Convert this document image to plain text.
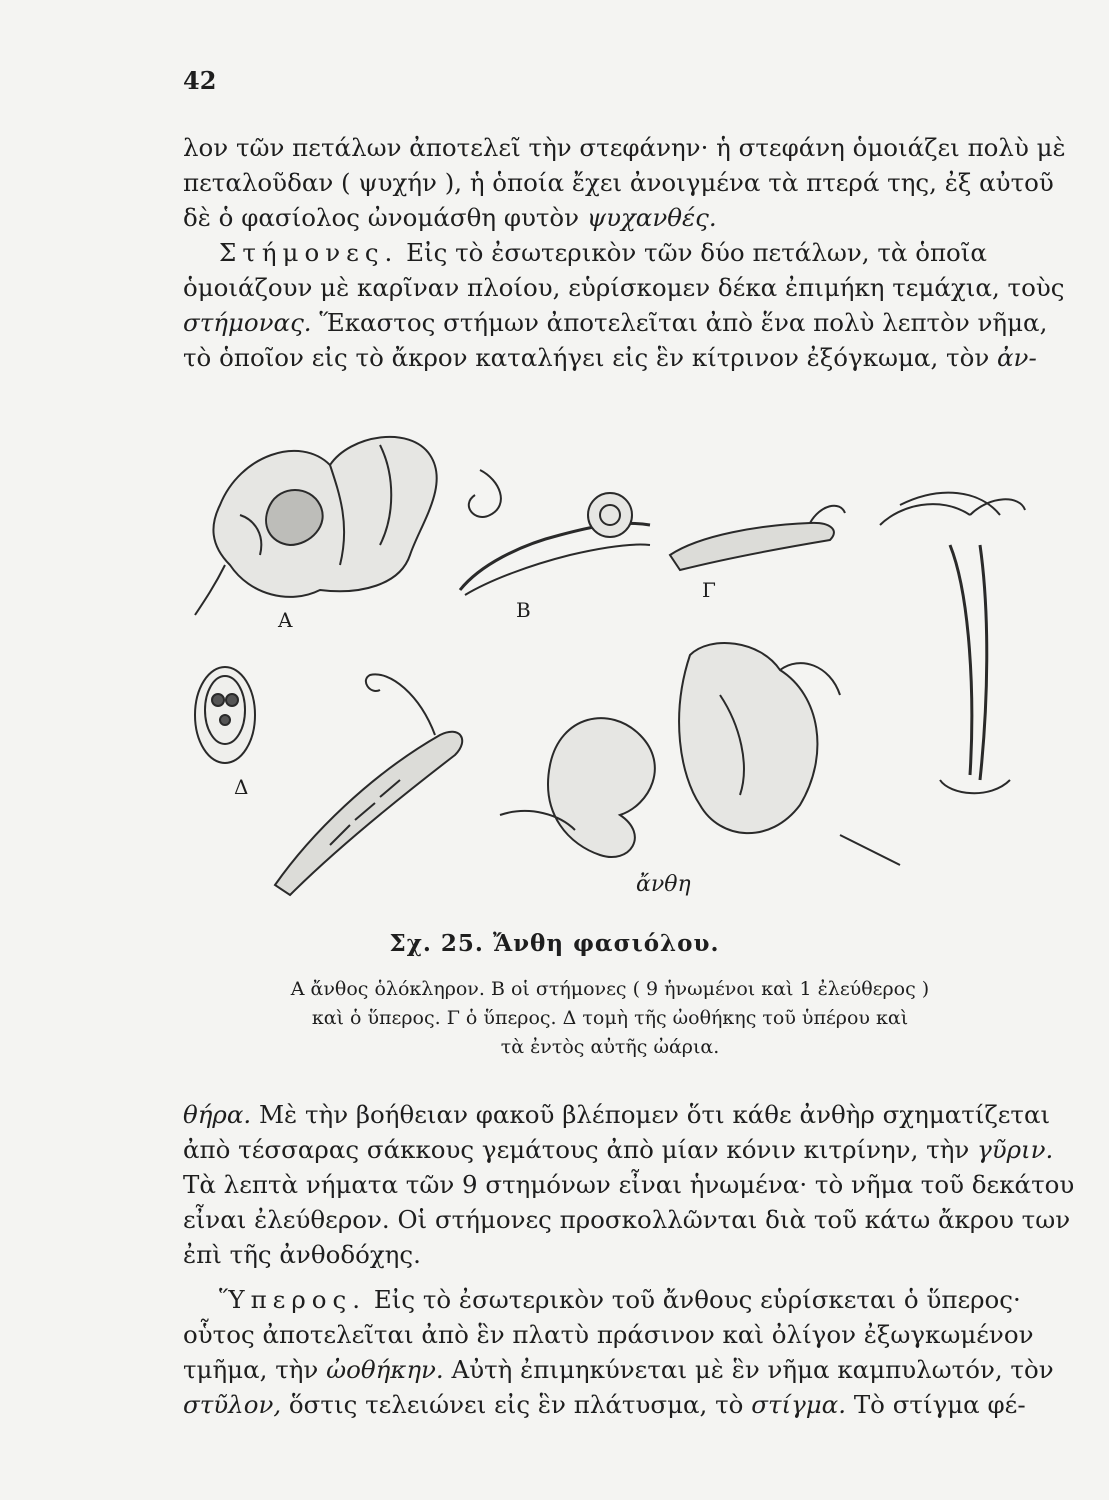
42

λον τῶν πετάλων ἀποτελεῖ τὴν στεφάνην· ἡ στεφάνη ὁμοιάζει πολὺ μὲ
πεταλοῦδαν ( ψυχήν ), ἡ ὁποία ἔχει ἀνοιγμένα τὰ πτερά της, ἐξ αὐτοῦ
δὲ ὁ φασίολος ὠνομάσθη φυτὸν ψυχανθές.

Στήμονες. Εἰς τὸ ἐσωτερικὸν τῶν δύο πετάλων, τὰ ὁποῖα
ὁμοιάζουν μὲ καρῖναν πλοίου, εὑρίσκομεν δέκα ἐπιμήκη τεμάχια, τοὺς
στήμονας. Ἕκαστος στήμων ἀποτελεῖται ἀπὸ ἕνα πολὺ λεπτὸν νῆμα,
τὸ ὁποῖον εἰς τὸ ἄκρον καταλήγει εἰς ἓν κίτρινον ἐξόγκωμα, τὸν ἀν-

Α	Β
Γ
Δ
ἄνθη
Σχ. 25. Ἄνθη φασιόλου.
Α ἄνθος ὁλόκληρον. Β οἱ στήμονες ( 9 ἡνωμένοι καὶ 1 ἐλεύθερος )
καὶ ὁ ὕπερος. Γ ὁ ὕπερος. Δ τομὴ τῆς ὠοθήκης τοῦ ὑπέρου καὶ
τὰ ἐντὸς αὐτῆς ὠάρια.

θήρα. Μὲ τὴν βοήθειαν φακοῦ βλέπομεν ὅτι κάθε ἀνθὴρ σχηματίζεται
ἀπὸ τέσσαρας σάκκους γεμάτους ἀπὸ μίαν κόνιν κιτρίνην, τὴν γῦριν.
Τὰ λεπτὰ νήματα τῶν 9 στημόνων εἶναι ἡνωμένα· τὸ νῆμα τοῦ δεκάτου
εἶναι ἐλεύθερον. Οἱ στήμονες προσκολλῶνται διὰ τοῦ κάτω ἄκρου των
ἐπὶ τῆς ἀνθοδόχης.

Ὕπερος. Εἰς τὸ ἐσωτερικὸν τοῦ ἄνθους εὑρίσκεται ὁ ὕπερος·
οὗτος ἀποτελεῖται ἀπὸ ἓν πλατὺ πράσινον καὶ ὀλίγον ἐξωγκωμένον
τμῆμα, τὴν ὠοθήκην. Αὐτὴ ἐπιμηκύνεται μὲ ἓν νῆμα καμπυλωτόν, τὸν
στῦλον, ὅστις τελειώνει εἰς ἓν πλάτυσμα, τὸ στίγμα. Τὸ στίγμα φέ-
